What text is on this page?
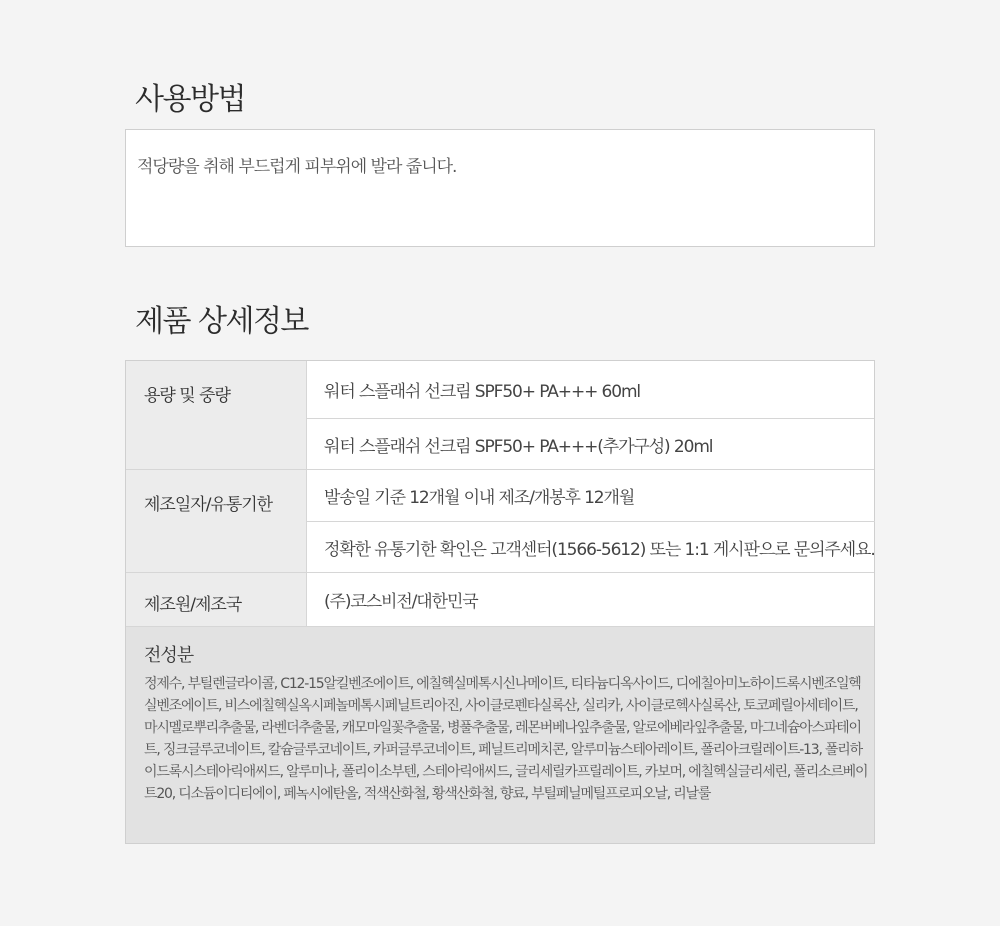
사용방법

적당량을 취해 부드럽게 피부위에 발라 줍니다.

제품 상세정보
용량 및 중량	워터 스플래쉬 선크림 SPF50+ PA+++ 60ml
워터 스플래쉬 선크림 SPF50+ PA+++(추가구성) 20ml
제조일자/유통기한	발송일 기준 12개월 이내 제조/개봉후 12개월
정확한 유통기한 확인은 고객센터(1566-5612) 또는 1:1 게시판으로 문의주세요.
제조원/제조국	(주)코스비전/대한민국

전성분

정제수, 부틸렌글라이콜, C12-15알킬벤조에이트, 에칠헥실메톡시신나메이트, 티타늄디옥사이드, 디에칠아미노하이드록시벤조일헥실벤조에이트, 비스에칠헥실옥시페놀메톡시페닐트리아진, 사이클로펜타실록산, 실리카, 사이클로헥사실록산, 토코페릴아세테이트, 마시멜로뿌리추출물, 라벤더추출물, 캐모마일꽃추출물, 병풀추출물, 레몬버베나잎추출물, 알로에베라잎추출물, 마그네슘아스파테이트, 징크글루코네이트, 칼슘글루코네이트, 카퍼글루코네이트, 페닐트리메치콘, 알루미늄스테아레이트, 폴리아크릴레이트-13, 폴리하이드록시스테아릭애씨드, 알루미나, 폴리이소부텐, 스테아릭애씨드, 글리세릴카프릴레이트, 카보머, 에칠헥실글리세린, 폴리소르베이트20, 디소듐이디티에이, 페녹시에탄올, 적색산화철, 황색산화철, 향료, 부틸페닐메틸프로피오날, 리날룰
